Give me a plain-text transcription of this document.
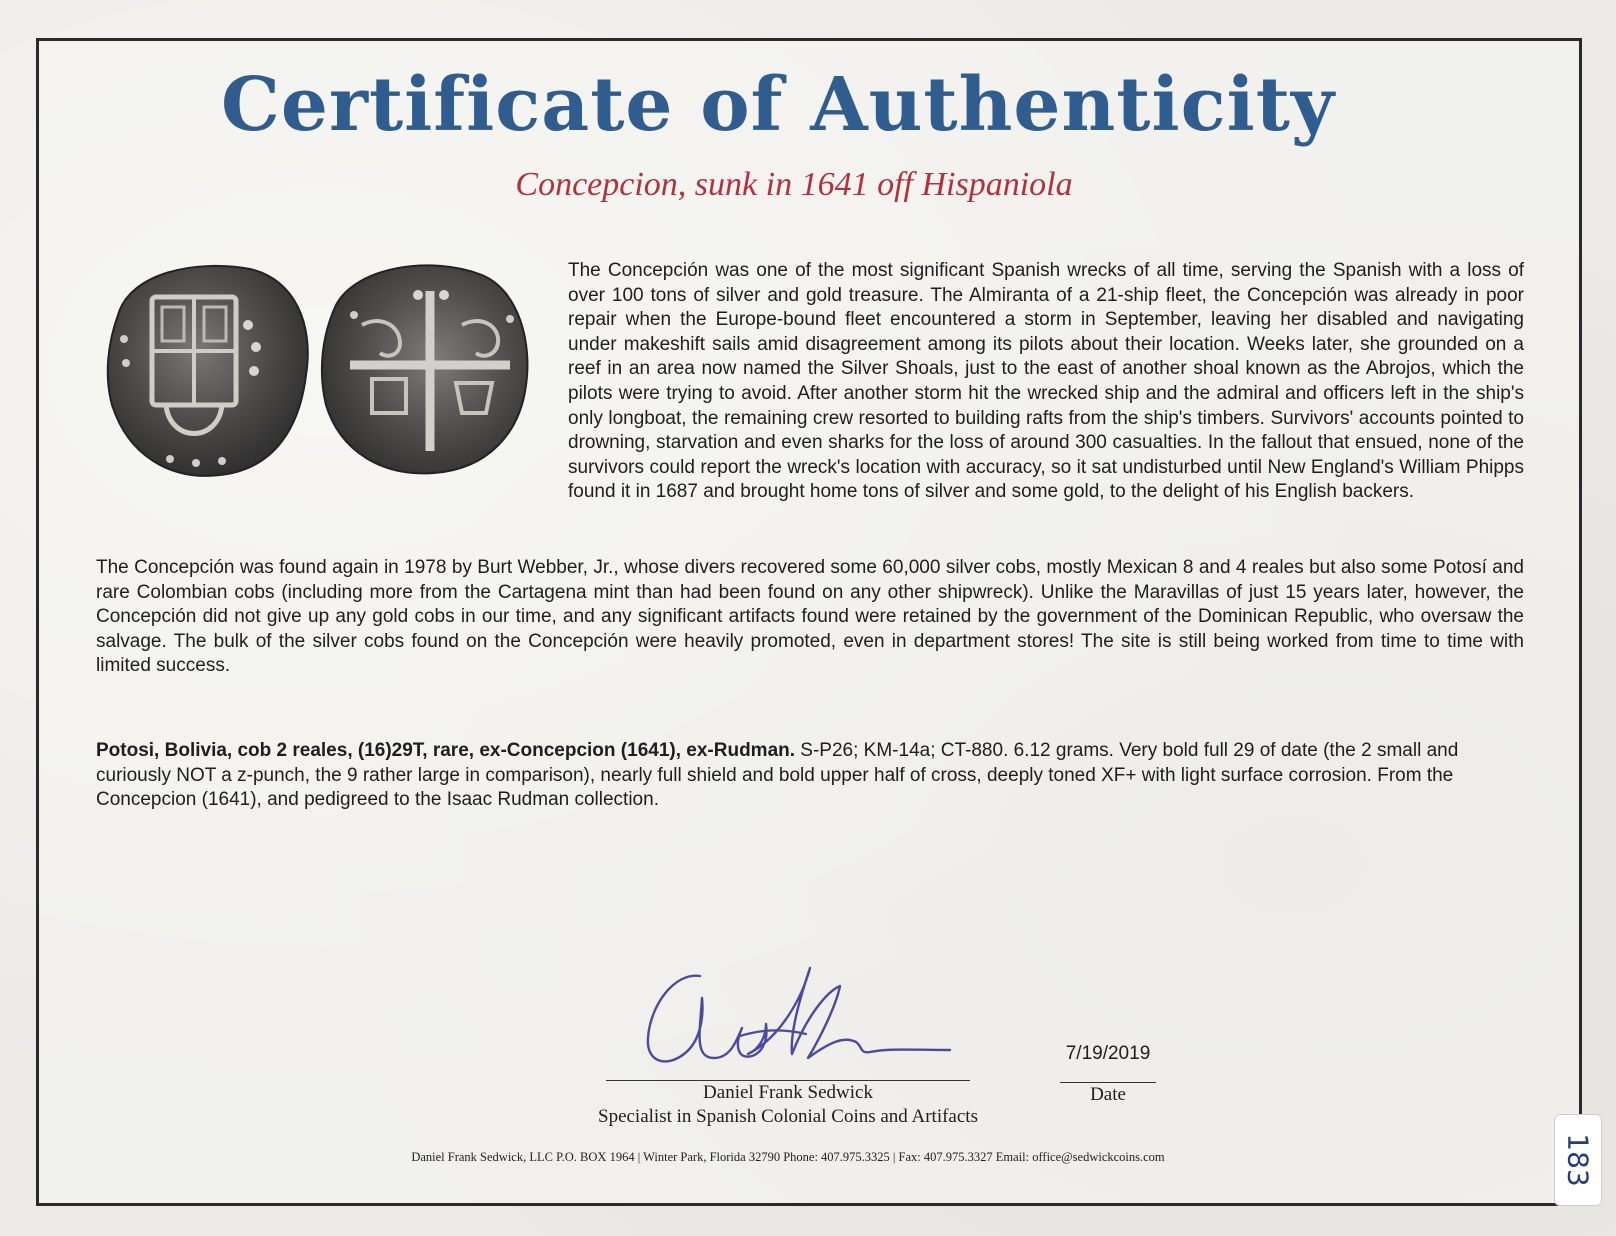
Certificate of Authenticity
Concepcion, sunk in 1641 off Hispaniola

The Concepción was one of the most significant Spanish wrecks of all time, serving the Spanish with a loss of over 100 tons of silver and gold treasure. The Almiranta of a 21-ship fleet, the Concepción was already in poor repair when the Europe-bound fleet encountered a storm in September, leaving her disabled and navigating under makeshift sails amid disagreement among its pilots about their location. Weeks later, she grounded on a reef in an area now named the Silver Shoals, just to the east of another shoal known as the Abrojos, which the pilots were trying to avoid. After another storm hit the wrecked ship and the admiral and officers left in the ship's only longboat, the remaining crew resorted to building rafts from the ship's timbers. Survivors' accounts pointed to drowning, starvation and even sharks for the loss of around 300 casualties. In the fallout that ensued, none of the survivors could report the wreck's location with accuracy, so it sat undisturbed until New England's William Phipps found it in 1687 and brought home tons of silver and some gold, to the delight of his English backers.

The Concepción was found again in 1978 by Burt Webber, Jr., whose divers recovered some 60,000 silver cobs, mostly Mexican 8 and 4 reales but also some Potosí and rare Colombian cobs (including more from the Cartagena mint than had been found on any other shipwreck). Unlike the Maravillas of just 15 years later, however, the Concepción did not give up any gold cobs in our time, and any significant artifacts found were retained by the government of the Dominican Republic, who oversaw the salvage. The bulk of the silver cobs found on the Concepción were heavily promoted, even in department stores! The site is still being worked from time to time with limited success.

Potosi, Bolivia, cob 2 reales, (16)29T, rare, ex-Concepcion (1641), ex-Rudman. S-P26; KM-14a; CT-880. 6.12 grams. Very bold full 29 of date (the 2 small and curiously NOT a z-punch, the 9 rather large in comparison), nearly full shield and bold upper half of cross, deeply toned XF+ with light surface corrosion. From the Concepcion (1641), and pedigreed to the Isaac Rudman collection.

Daniel Frank Sedwick
Specialist in Spanish Colonial Coins and Artifacts
7/19/2019
Date
Daniel Frank Sedwick, LLC P.O. BOX 1964 | Winter Park, Florida 32790 Phone: 407.975.3325 | Fax: 407.975.3327 Email: office@sedwickcoins.com	183
